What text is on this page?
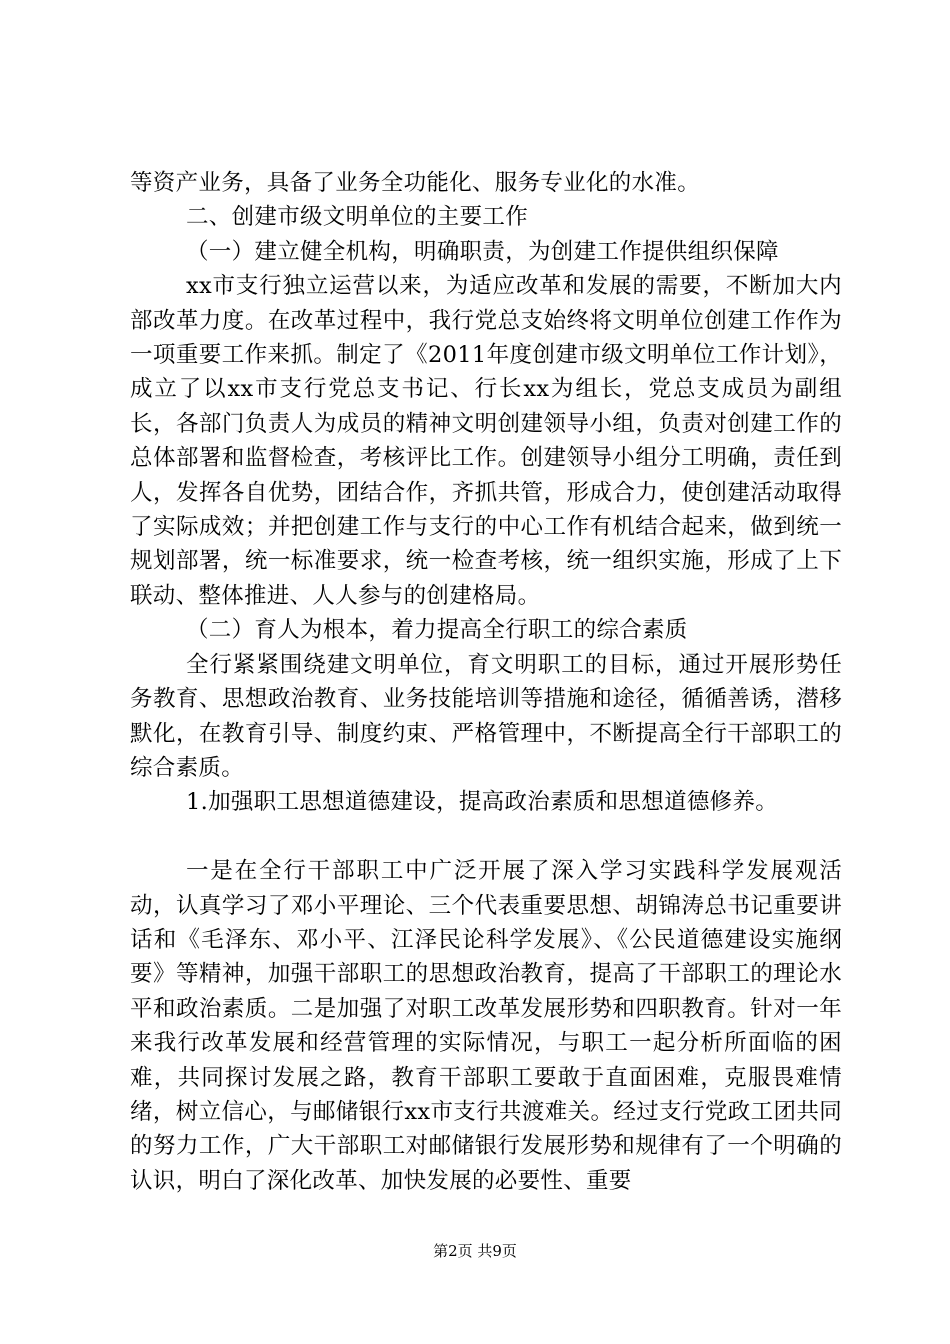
等资产业务，具备了业务全功能化、服务专业化的水准。

二、创建市级文明单位的主要工作

（一）建立健全机构，明确职责，为创建工作提供组织保障

xx市支行独立运营以来，为适应改革和发展的需要，不断加大内部改革力度。在改革过程中，我行党总支始终将文明单位创建工作作为一项重要工作来抓。制定了《2011年度创建市级文明单位工作计划》，成立了以xx市支行党总支书记、行长xx为组长，党总支成员为副组长，各部门负责人为成员的精神文明创建领导小组，负责对创建工作的总体部署和监督检查，考核评比工作。创建领导小组分工明确，责任到人，发挥各自优势，团结合作，齐抓共管，形成合力，使创建活动取得了实际成效；并把创建工作与支行的中心工作有机结合起来，做到统一规划部署，统一标准要求，统一检查考核，统一组织实施，形成了上下联动、整体推进、人人参与的创建格局。

（二）育人为根本，着力提高全行职工的综合素质

全行紧紧围绕建文明单位，育文明职工的目标，通过开展形势任务教育、思想政治教育、业务技能培训等措施和途径，循循善诱，潜移默化，在教育引导、制度约束、严格管理中，不断提高全行干部职工的综合素质。

1.加强职工思想道德建设，提高政治素质和思想道德修养。

一是在全行干部职工中广泛开展了深入学习实践科学发展观活动，认真学习了邓小平理论、三个代表重要思想、胡锦涛总书记重要讲话和《毛泽东、邓小平、江泽民论科学发展》、《公民道德建设实施纲要》等精神，加强干部职工的思想政治教育，提高了干部职工的理论水平和政治素质。二是加强了对职工改革发展形势和四职教育。针对一年来我行改革发展和经营管理的实际情况，与职工一起分析所面临的困难，共同探讨发展之路，教育干部职工要敢于直面困难，克服畏难情绪，树立信心，与邮储银行xx市支行共渡难关。经过支行党政工团共同的努力工作，广大干部职工对邮储银行发展形势和规律有了一个明确的认识，明白了深化改革、加快发展的必要性、重要

第2页 共9页
